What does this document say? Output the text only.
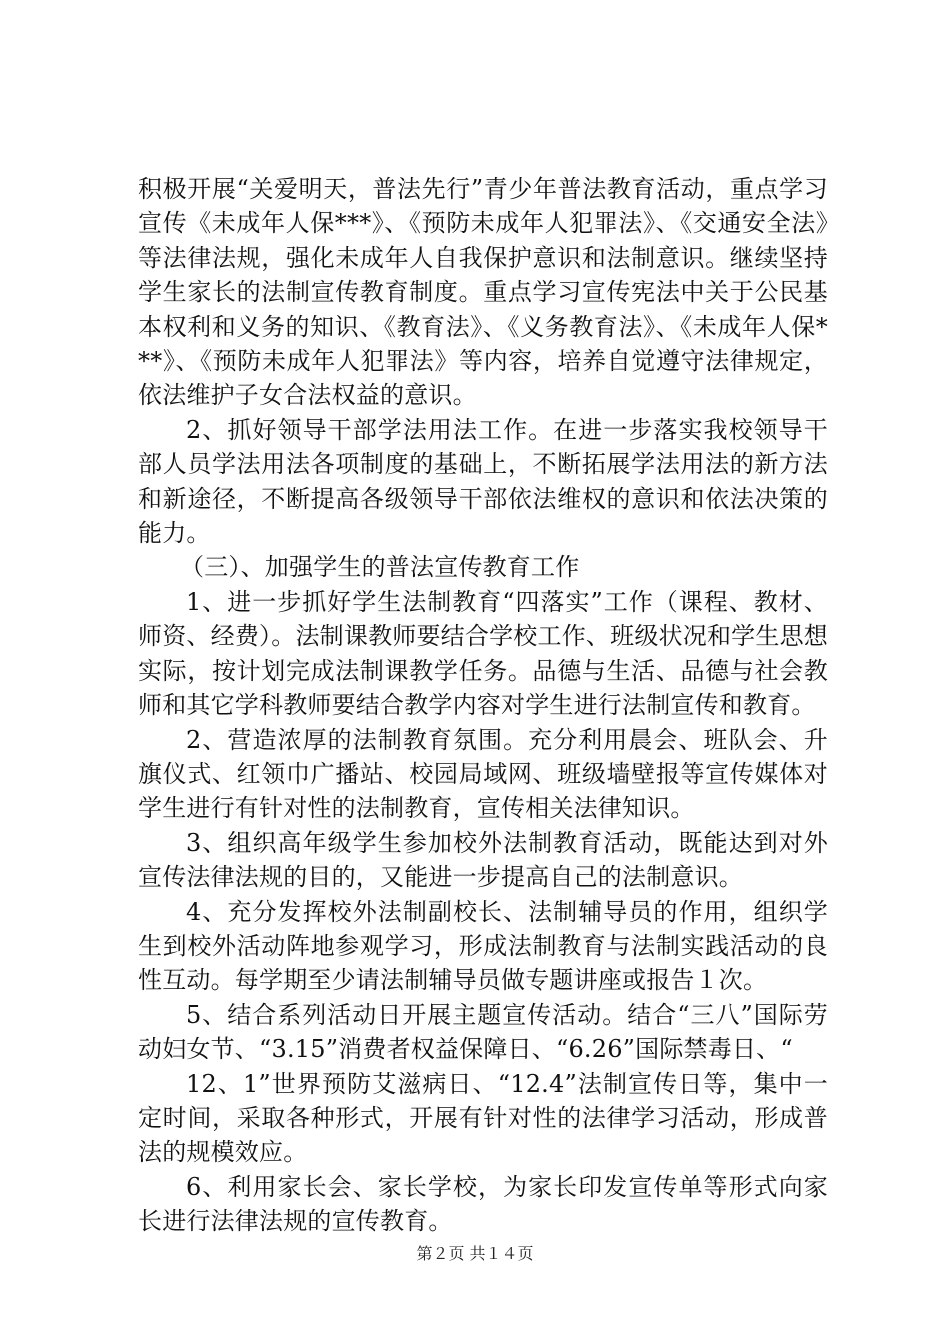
积极开展“关爱明天，普法先行”青少年普法教育活动，重点学习宣传《未成年人保***》、《预防未成年人犯罪法》、《交通安全法》等法律法规，强化未成年人自我保护意识和法制意识。继续坚持学生家长的法制宣传教育制度。重点学习宣传宪法中关于公民基本权利和义务的知识、《教育法》、《义务教育法》、《未成年人保***》、《预防未成年人犯罪法》等内容，培养自觉遵守法律规定，依法维护子女合法权益的意识。

2、抓好领导干部学法用法工作。在进一步落实我校领导干部人员学法用法各项制度的基础上，不断拓展学法用法的新方法和新途径，不断提高各级领导干部依法维权的意识和依法决策的能力。

（三）、加强学生的普法宣传教育工作

1、进一步抓好学生法制教育“四落实”工作（课程、教材、师资、经费）。法制课教师要结合学校工作、班级状况和学生思想实际，按计划完成法制课教学任务。品德与生活、品德与社会教师和其它学科教师要结合教学内容对学生进行法制宣传和教育。

2、营造浓厚的法制教育氛围。充分利用晨会、班队会、升旗仪式、红领巾广播站、校园局域网、班级墙壁报等宣传媒体对学生进行有针对性的法制教育，宣传相关法律知识。

3、组织高年级学生参加校外法制教育活动，既能达到对外宣传法律法规的目的，又能进一步提高自己的法制意识。

4、充分发挥校外法制副校长、法制辅导员的作用，组织学生到校外活动阵地参观学习，形成法制教育与法制实践活动的良性互动。每学期至少请法制辅导员做专题讲座或报告１次。

5、结合系列活动日开展主题宣传活动。结合“三八”国际劳动妇女节、“3.15”消费者权益保障日、“6.26”国际禁毒日、“

12、1”世界预防艾滋病日、“12.4”法制宣传日等，集中一定时间，采取各种形式，开展有针对性的法律学习活动，形成普法的规模效应。

6、利用家长会、家长学校，为家长印发宣传单等形式向家长进行法律法规的宣传教育。

第２页 共１４页
